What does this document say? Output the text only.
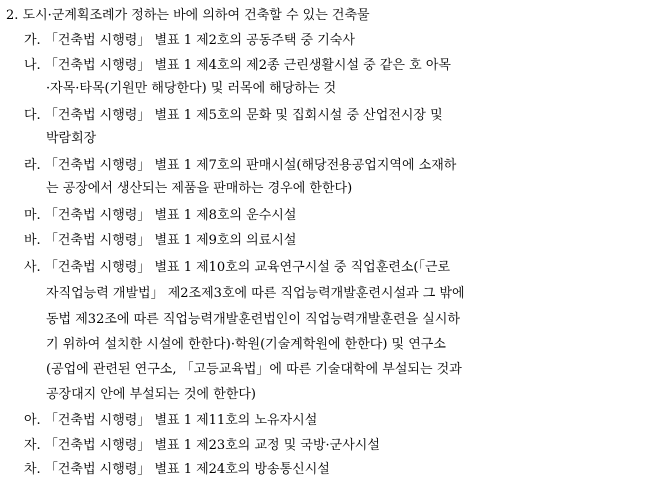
2. 도시·군계획조례가 정하는 바에 의하여 건축할 수 있는 건축물
가. 「건축법 시행령」 별표 1 제2호의 공동주택 중 기숙사
나. 「건축법 시행령」 별표 1 제4호의 제2종 근린생활시설 중 같은 호 아목
·자목·타목(기원만 해당한다) 및 러목에 해당하는 것
다. 「건축법 시행령」 별표 1 제5호의 문화 및 집회시설 중 산업전시장 및
박람회장
라. 「건축법 시행령」 별표 1 제7호의 판매시설(해당전용공업지역에 소재하
는 공장에서 생산되는 제품을 판매하는 경우에 한한다)
마. 「건축법 시행령」 별표 1 제8호의 운수시설
바. 「건축법 시행령」 별표 1 제9호의 의료시설
사. 「건축법 시행령」 별표 1 제10호의 교육연구시설 중 직업훈련소(「근로
자직업능력 개발법」 제2조제3호에 따른 직업능력개발훈련시설과 그 밖에
동법 제32조에 따른 직업능력개발훈련법인이 직업능력개발훈련을 실시하
기 위하여 설치한 시설에 한한다)·학원(기술계학원에 한한다) 및 연구소
(공업에 관련된 연구소, 「고등교육법」에 따른 기술대학에 부설되는 것과
공장대지 안에 부설되는 것에 한한다)
아. 「건축법 시행령」 별표 1 제11호의 노유자시설
자. 「건축법 시행령」 별표 1 제23호의 교정 및 국방·군사시설
차. 「건축법 시행령」 별표 1 제24호의 방송통신시설
